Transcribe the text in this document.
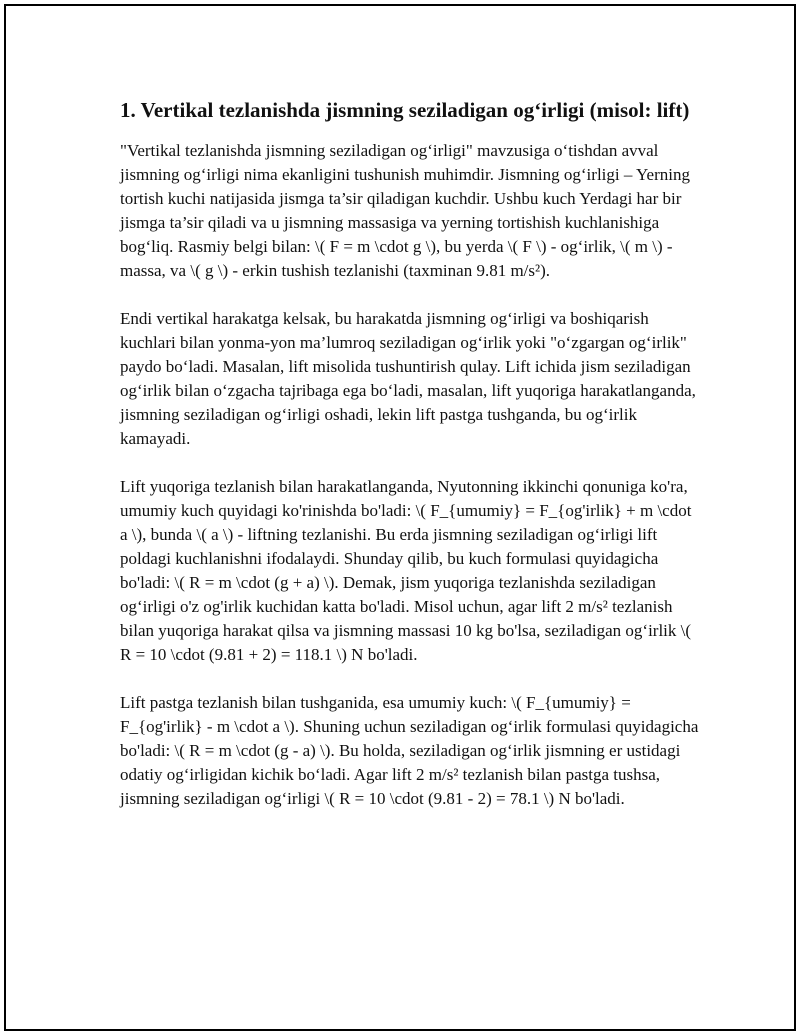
1. Vertikal tezlanishda jismning seziladigan og‘irligi (misol: lift)

"Vertikal tezlanishda jismning seziladigan og‘irligi" mavzusiga o‘tishdan avval jismning og‘irligi nima ekanligini tushunish muhimdir. Jismning og‘irligi – Yerning tortish kuchi natijasida jismga ta’sir qiladigan kuchdir. Ushbu kuch Yerdagi har bir jismga ta’sir qiladi va u jismning massasiga va yerning tortishish kuchlanishiga bog‘liq. Rasmiy belgi bilan: \( F = m \cdot g \), bu yerda \( F \) - og‘irlik, \( m \) - massa, va \( g \) - erkin tushish tezlanishi (taxminan 9.81 m/s²).

Endi vertikal harakatga kelsak, bu harakatda jismning og‘irligi va boshiqarish kuchlari bilan yonma-yon ma’lumroq seziladigan og‘irlik yoki "o‘zgargan og‘irlik" paydo bo‘ladi. Masalan, lift misolida tushuntirish qulay. Lift ichida jism seziladigan og‘irlik bilan o‘zgacha tajribaga ega bo‘ladi, masalan, lift yuqoriga harakatlanganda, jismning seziladigan og‘irligi oshadi, lekin lift pastga tushganda, bu og‘irlik kamayadi.

Lift yuqoriga tezlanish bilan harakatlanganda, Nyutonning ikkinchi qonuniga ko'ra, umumiy kuch quyidagi ko'rinishda bo'ladi: \( F_{umumiy} = F_{og'irlik} + m \cdot a \), bunda \( a \) - liftning tezlanishi. Bu erda jismning seziladigan og‘irligi lift poldagi kuchlanishni ifodalaydi. Shunday qilib, bu kuch formulasi quyidagicha bo'ladi: \( R = m \cdot (g + a) \). Demak, jism yuqoriga tezlanishda seziladigan og‘irligi o'z og'irlik kuchidan katta bo'ladi. Misol uchun, agar lift 2 m/s² tezlanish bilan yuqoriga harakat qilsa va jismning massasi 10 kg bo'lsa, seziladigan og‘irlik \( R = 10 \cdot (9.81 + 2) = 118.1 \) N bo'ladi.

Lift pastga tezlanish bilan tushganida, esa umumiy kuch: \( F_{umumiy} = F_{og'irlik} - m \cdot a \). Shuning uchun seziladigan og‘irlik formulasi quyidagicha bo'ladi: \( R = m \cdot (g - a) \). Bu holda, seziladigan og‘irlik jismning er ustidagi odatiy og‘irligidan kichik bo‘ladi. Agar lift 2 m/s² tezlanish bilan pastga tushsa, jismning seziladigan og‘irligi \( R = 10 \cdot (9.81 - 2) = 78.1 \) N bo'ladi.
